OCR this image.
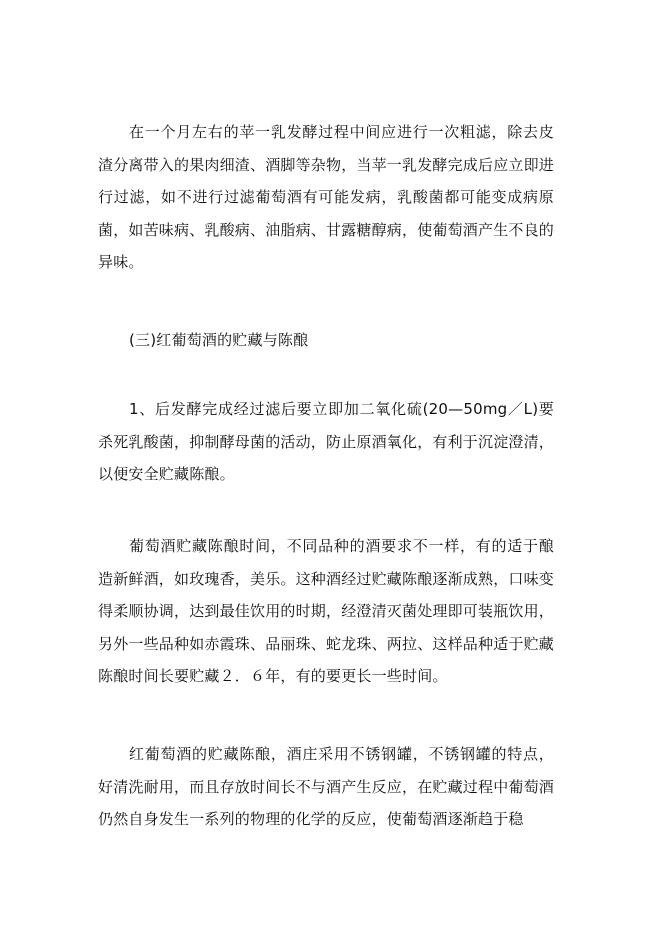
在一个月左右的苹一乳发酵过程中间应进行一次粗滤，除去皮渣分离带入的果肉细渣、酒脚等杂物，当苹一乳发酵完成后应立即进行过滤，如不进行过滤葡萄酒有可能发病，乳酸菌都可能变成病原菌，如苦味病、乳酸病、油脂病、甘露糖醇病，使葡萄酒产生不良的异味。

(三)红葡萄酒的贮藏与陈酿

1、后发酵完成经过滤后要立即加二氧化硫(20—50mg／L)要杀死乳酸菌，抑制酵母菌的活动，防止原酒氧化，有利于沉淀澄清，以便安全贮藏陈酿。

葡萄酒贮藏陈酿时间，不同品种的酒要求不一样，有的适于酿造新鲜酒，如玫瑰香，美乐。这种酒经过贮藏陈酿逐渐成熟，口味变得柔顺协调，达到最佳饮用的时期，经澄清灭菌处理即可装瓶饮用，另外一些品种如赤霞珠、品丽珠、蛇龙珠、两拉、这样品种适于贮藏陈酿时间长要贮藏２．６年，有的要更长一些时间。

红葡萄酒的贮藏陈酿，酒庄采用不锈钢罐，不锈钢罐的特点，好清洗耐用，而且存放时间长不与酒产生反应，在贮藏过程中葡萄酒仍然自身发生一系列的物理的化学的反应，使葡萄酒逐渐趋于稳
